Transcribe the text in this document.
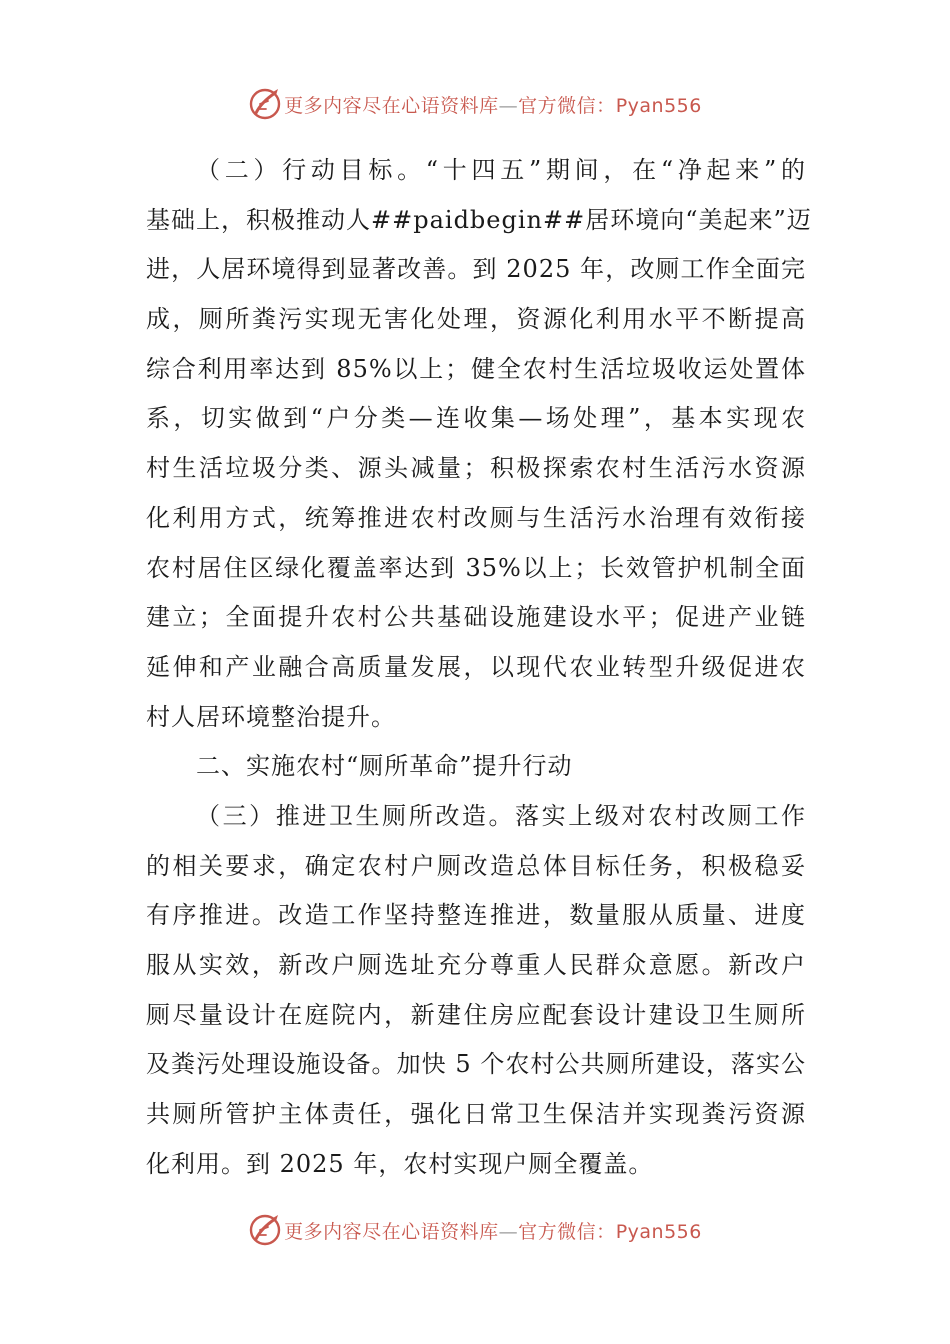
更多内容尽在心语资料库—官方微信：Pyan556
（二）行动目标。“十四五”期间，在“净起来”的
基础上，积极推动人##paidbegin##居环境向“美起来”迈
进，人居环境得到显著改善。到 2025 年，改厕工作全面完
成，厕所粪污实现无害化处理，资源化利用水平不断提高
综合利用率达到 85%以上；健全农村生活垃圾收运处置体
系，切实做到“户分类—连收集—场处理”，基本实现农
村生活垃圾分类、源头减量；积极探索农村生活污水资源
化利用方式，统筹推进农村改厕与生活污水治理有效衔接
农村居住区绿化覆盖率达到 35%以上；长效管护机制全面
建立；全面提升农村公共基础设施建设水平；促进产业链
延伸和产业融合高质量发展，以现代农业转型升级促进农
村人居环境整治提升。
二、实施农村“厕所革命”提升行动
（三）推进卫生厕所改造。落实上级对农村改厕工作
的相关要求，确定农村户厕改造总体目标任务，积极稳妥
有序推进。改造工作坚持整连推进，数量服从质量、进度
服从实效，新改户厕选址充分尊重人民群众意愿。新改户
厕尽量设计在庭院内，新建住房应配套设计建设卫生厕所
及粪污处理设施设备。加快 5 个农村公共厕所建设，落实公
共厕所管护主体责任，强化日常卫生保洁并实现粪污资源
化利用。到 2025 年，农村实现户厕全覆盖。
更多内容尽在心语资料库—官方微信：Pyan556
